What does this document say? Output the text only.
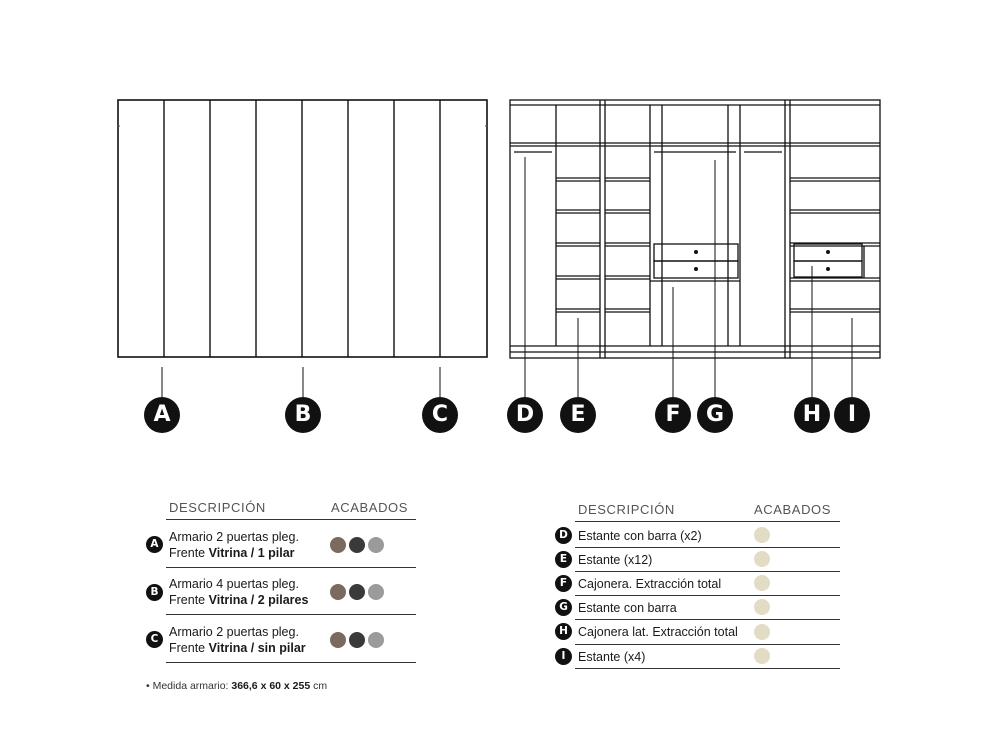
A	B	C	D	E	F	G	H	I
DESCRIPCIÓN	ACABADOS
A Armario 2 puertas pleg.
Frente Vitrina / 1 pilar
B
Armario 4 puertas pleg.
Frente Vitrina / 2 pilares
C Armario 2 puertas pleg.
Frente Vitrina / sin pilar
DESCRIPCIÓN	ACABADOS
D Estante con barra (x2)
E Estante (x12)
F Cajonera. Extracción total
G Estante con barra
H Cajonera lat. Extracción total
I	Estante (x4)
• Medida armario: 366,6 x 60 x 255 cm
